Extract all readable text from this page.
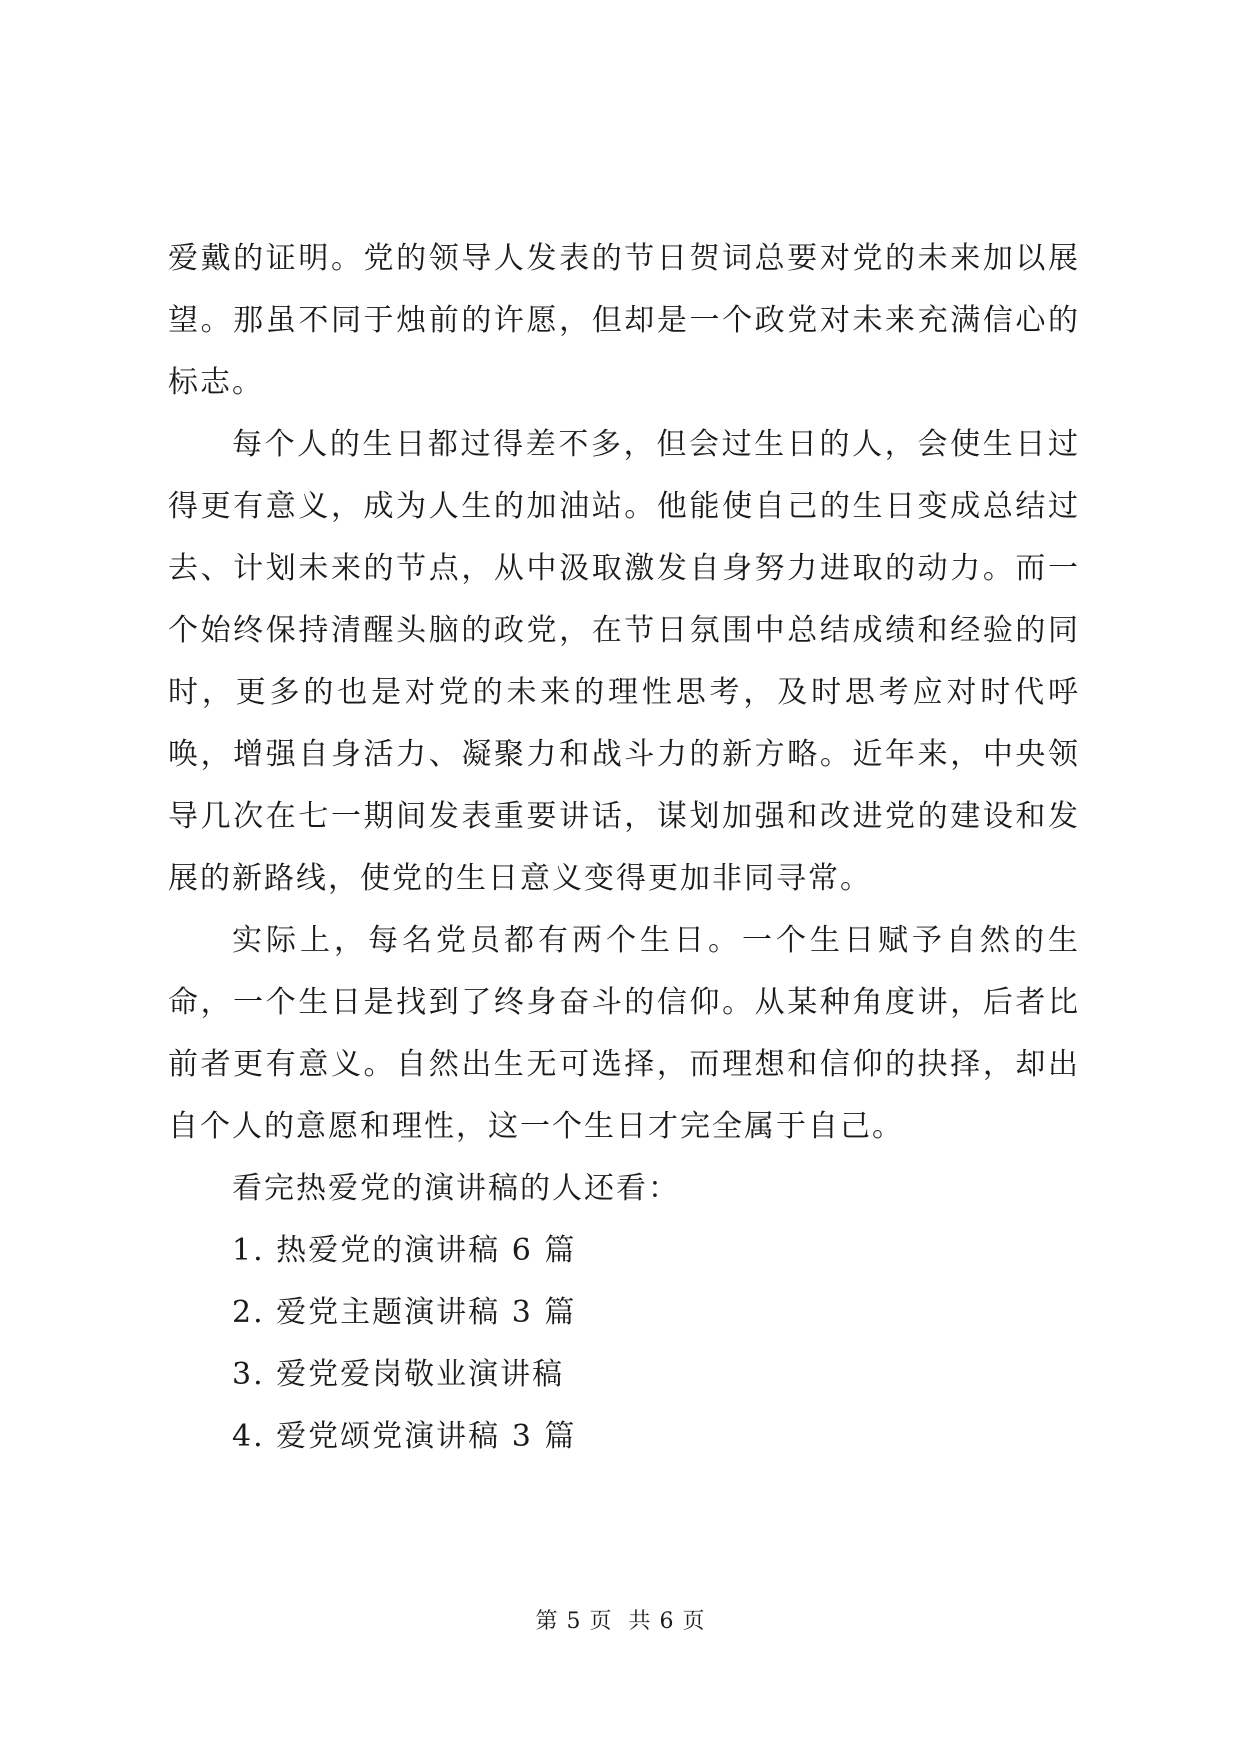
爱戴的证明。党的领导人发表的节日贺词总要对党的未来加以展望。那虽不同于烛前的许愿，但却是一个政党对未来充满信心的标志。

每个人的生日都过得差不多，但会过生日的人，会使生日过得更有意义，成为人生的加油站。他能使自己的生日变成总结过去、计划未来的节点，从中汲取激发自身努力进取的动力。而一个始终保持清醒头脑的政党，在节日氛围中总结成绩和经验的同时，更多的也是对党的未来的理性思考，及时思考应对时代呼唤，增强自身活力、凝聚力和战斗力的新方略。近年来，中央领导几次在七一期间发表重要讲话，谋划加强和改进党的建设和发展的新路线，使党的生日意义变得更加非同寻常。

实际上，每名党员都有两个生日。一个生日赋予自然的生命，一个生日是找到了终身奋斗的信仰。从某种角度讲，后者比前者更有意义。自然出生无可选择，而理想和信仰的抉择，却出自个人的意愿和理性，这一个生日才完全属于自己。

看完热爱党的演讲稿的人还看：

1. 热爱党的演讲稿 6 篇

2. 爱党主题演讲稿 3 篇

3. 爱党爱岗敬业演讲稿

4. 爱党颂党演讲稿 3 篇

第 5 页  共 6 页
